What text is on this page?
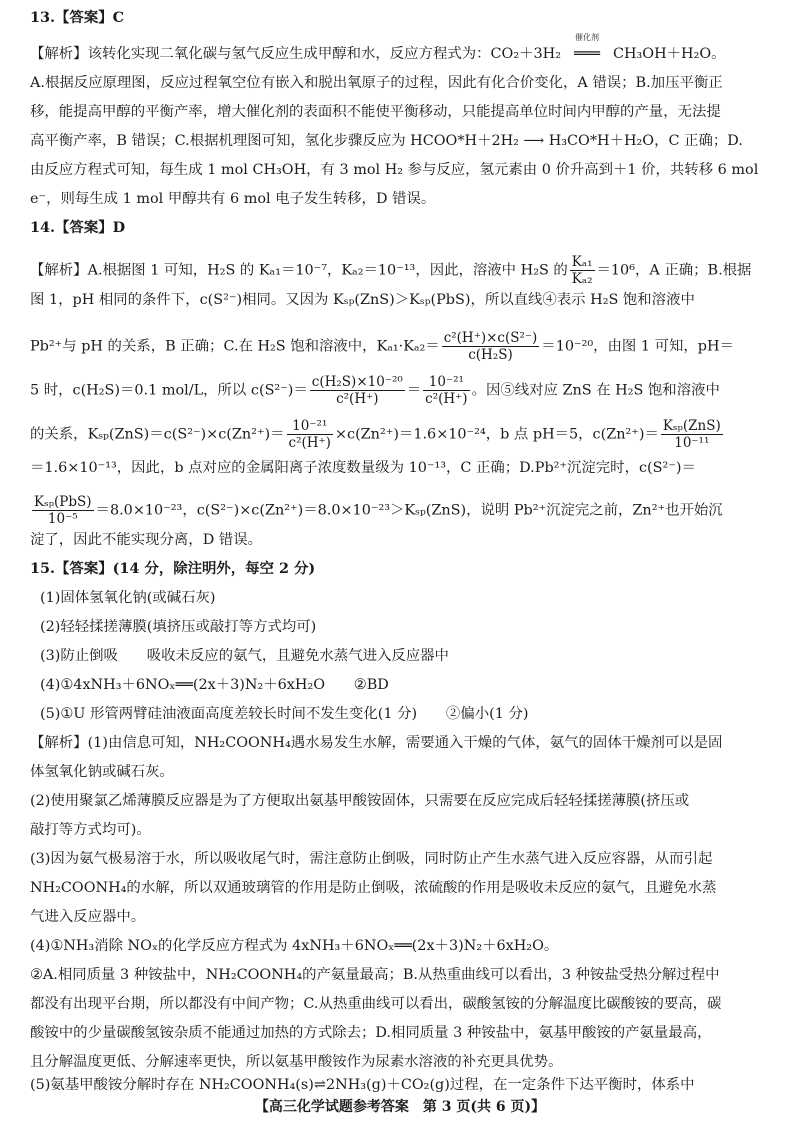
13.【答案】C
【解析】该转化实现二氧化碳与氢气反应生成甲醇和水，反应方程式为：CO₂＋3H₂
催化剂
═══ CH₃OH＋H₂O。
A.根据反应原理图，反应过程氧空位有嵌入和脱出氧原子的过程，因此有化合价变化，A 错误；B.加压平衡正
移，能提高甲醇的平衡产率，增大催化剂的表面积不能使平衡移动，只能提高单位时间内甲醇的产量，无法提
高平衡产率，B 错误；C.根据机理图可知，氢化步骤反应为 HCOO*H＋2H₂ ⟶ H₃CO*H＋H₂O，C 正确；D.
由反应方程式可知，每生成 1 mol CH₃OH，有 3 mol H₂ 参与反应，氢元素由 0 价升高到＋1 价，共转移 6 mol
e⁻，则每生成 1 mol 甲醇共有 6 mol 电子发生转移，D 错误。
14.【答案】D
【解析】A.根据图 1 可知，H₂S 的 Kₐ₁＝10⁻⁷，Kₐ₂＝10⁻¹³，因此，溶液中 H₂S 的 $\frac{\text{Kₐ₁}}{\text{Kₐ₂}} =10^6$，A 正确；B.根据
图 1，pH 相同的条件下，c(S²⁻)相同。又因为 Kₛₚ(ZnS)＞Kₛₚ(PbS)，所以直线④表示 H₂S 饱和溶液中
Pb²⁺与 pH 的关系，B 正确；C.在 H₂S 饱和溶液中，$K_{a1}\cdot K_{a2}= \frac{\text{c²(H⁺)×c(S²⁻)}}{\text{c(H₂S)}} =10^{-20}$，由图 1 可知，pH＝
5 时，c(H₂S)＝0.1 mol/L，所以 $c(S^{2-})= \frac{\text{c(H₂S)×10⁻²⁰}}{\text{c²(H⁺)}} = \frac{\text{10⁻²¹}}{\text{c²(H⁺)}}$ 。因⑤线对应 ZnS 在 H₂S 饱和溶液中
的关系，$K_{sp}(ZnS)=c(S^{2-})\times c(Zn^{2+})= \frac{\text{10⁻²¹}}{\text{c²(H⁺)}} \times c(Zn^{2+})=1.6\times 10^{-24}$，b 点 pH＝5，$c(Zn^{2+})= \frac{\text{Kₛₚ(ZnS)}}{\text{10⁻¹¹}}$
＝1.6×10⁻¹³，因此，b 点对应的金属阳离子浓度数量级为 10⁻¹³，C 正确；D.Pb²⁺沉淀完时，c(S²⁻)＝
$\frac{\text{Kₛₚ(PbS)}}{\text{10⁻⁵}} =8.0\times 10^{-23}$，c(S²⁻)×c(Zn²⁺)＝8.0×10⁻²³＞Kₛₚ(ZnS)，说明 Pb²⁺沉淀完之前，Zn²⁺也开始沉
淀了，因此不能实现分离，D 错误。
15.【答案】(14 分，除注明外，每空 2 分)
(1)固体氢氧化钠(或碱石灰)
(2)轻轻揉搓薄膜(填挤压或敲打等方式均可)
(3)防止倒吸　　吸收未反应的氨气，且避免水蒸气进入反应器中
(4)①4xNH₃＋6NOₓ══(2x＋3)N₂＋6xH₂O　　②BD
(5)①U 形管两臂硅油液面高度差较长时间不发生变化(1 分)　　②偏小(1 分)
【解析】(1)由信息可知，NH₂COONH₄遇水易发生水解，需要通入干燥的气体，氨气的固体干燥剂可以是固
体氢氧化钠或碱石灰。
(2)使用聚氯乙烯薄膜反应器是为了方便取出氨基甲酸铵固体，只需要在反应完成后轻轻揉搓薄膜(挤压或
敲打等方式均可)。
(3)因为氨气极易溶于水，所以吸收尾气时，需注意防止倒吸，同时防止产生水蒸气进入反应容器，从而引起
NH₂COONH₄的水解，所以双通玻璃管的作用是防止倒吸，浓硫酸的作用是吸收未反应的氨气，且避免水蒸
气进入反应器中。
(4)①NH₃消除 NOₓ的化学反应方程式为 4xNH₃＋6NOₓ══(2x＋3)N₂＋6xH₂O。
②A.相同质量 3 种铵盐中，NH₂COONH₄的产氨量最高；B.从热重曲线可以看出，3 种铵盐受热分解过程中
都没有出现平台期，所以都没有中间产物；C.从热重曲线可以看出，碳酸氢铵的分解温度比碳酸铵的要高，碳
酸铵中的少量碳酸氢铵杂质不能通过加热的方式除去；D.相同质量 3 种铵盐中，氨基甲酸铵的产氨量最高，
且分解温度更低、分解速率更快，所以氨基甲酸铵作为尿素水溶液的补充更具优势。
(5)氨基甲酸铵分解时存在 NH₂COONH₄(s)⇌2NH₃(g)＋CO₂(g)过程，在一定条件下达平衡时，体系中
【高三化学试题参考答案　第 3 页(共 6 页)】
